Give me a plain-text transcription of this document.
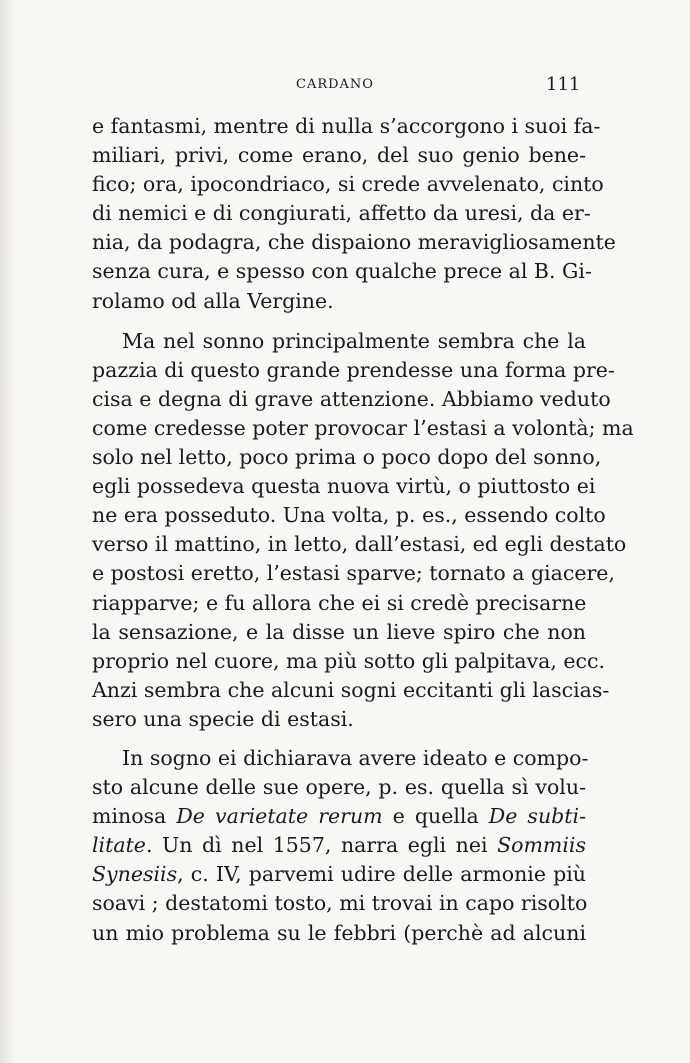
CARDANO	111
e fantasmi, mentre di nulla s’accorgono i suoi fa-
miliari, privi, come erano, del suo genio bene-
fico; ora, ipocondriaco, si crede avvelenato, cinto
di nemici e di congiurati, affetto da uresi, da er-
nia, da podagra, che dispaiono meravigliosamente
senza cura, e spesso con qualche prece al B. Gi-
rolamo od alla Vergine.
Ma nel sonno principalmente sembra che la
pazzia di questo grande prendesse una forma pre-
cisa e degna di grave attenzione. Abbiamo veduto
come credesse poter provocar l’estasi a volontà; ma
solo nel letto, poco prima o poco dopo del sonno,
egli possedeva questa nuova virtù, o piuttosto ei
ne era posseduto. Una volta, p. es., essendo colto
verso il mattino, in letto, dall’estasi, ed egli destato
e postosi eretto, l’estasi sparve; tornato a giacere,
riapparve; e fu allora che ei si credè precisarne
la sensazione, e la disse un lieve spiro che non
proprio nel cuore, ma più sotto gli palpitava, ecc.
Anzi sembra che alcuni sogni eccitanti gli lascias-
sero una specie di estasi.
In sogno ei dichiarava avere ideato e compo-
sto alcune delle sue opere, p. es. quella sì volu-
minosa De varietate rerum e quella De subti-
litate. Un dì nel 1557, narra egli nei Sommiis
Synesiis, c. IV, parvemi udire delle armonie più
soavi ; destatomi tosto, mi trovai in capo risolto
un mio problema su le febbri (perchè ad alcuni
